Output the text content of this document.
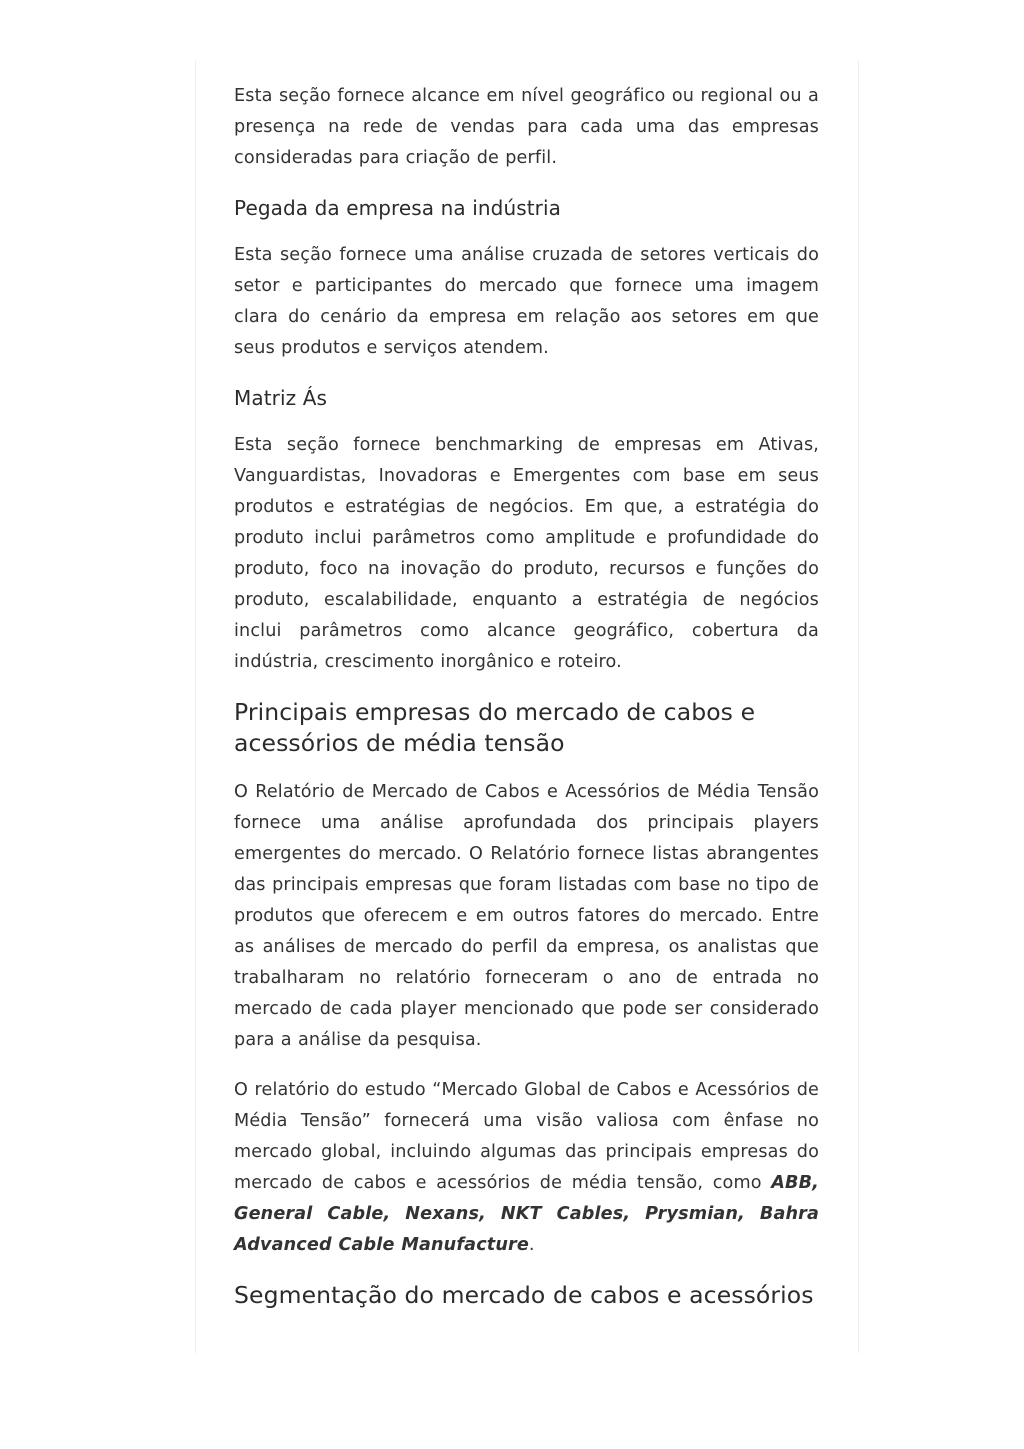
Esta seção fornece alcance em nível geográfico ou regional ou a presença na rede de vendas para cada uma das empresas consideradas para criação de perfil.

Pegada da empresa na indústria

Esta seção fornece uma análise cruzada de setores verticais do setor e participantes do mercado que fornece uma imagem clara do cenário da empresa em relação aos setores em que seus produtos e serviços atendem.

Matriz Ás

Esta seção fornece benchmarking de empresas em Ativas, Vanguardistas, Inovadoras e Emergentes com base em seus produtos e estratégias de negócios. Em que, a estratégia do produto inclui parâmetros como amplitude e profundidade do produto, foco na inovação do produto, recursos e funções do produto, escalabilidade, enquanto a estratégia de negócios inclui parâmetros como alcance geográfico, cobertura da indústria, crescimento inorgânico e roteiro.

Principais empresas do mercado de cabos e acessórios de média tensão

O Relatório de Mercado de Cabos e Acessórios de Média Tensão fornece uma análise aprofundada dos principais players emergentes do mercado. O Relatório fornece listas abrangentes das principais empresas que foram listadas com base no tipo de produtos que oferecem e em outros fatores do mercado. Entre as análises de mercado do perfil da empresa, os analistas que trabalharam no relatório forneceram o ano de entrada no mercado de cada player mencionado que pode ser considerado para a análise da pesquisa.

O relatório do estudo “Mercado Global de Cabos e Acessórios de Média Tensão” fornecerá uma visão valiosa com ênfase no mercado global, incluindo algumas das principais empresas do mercado de cabos e acessórios de média tensão, como ABB, General Cable, Nexans, NKT Cables, Prysmian, Bahra Advanced Cable Manufacture.

Segmentação do mercado de cabos e acessórios
